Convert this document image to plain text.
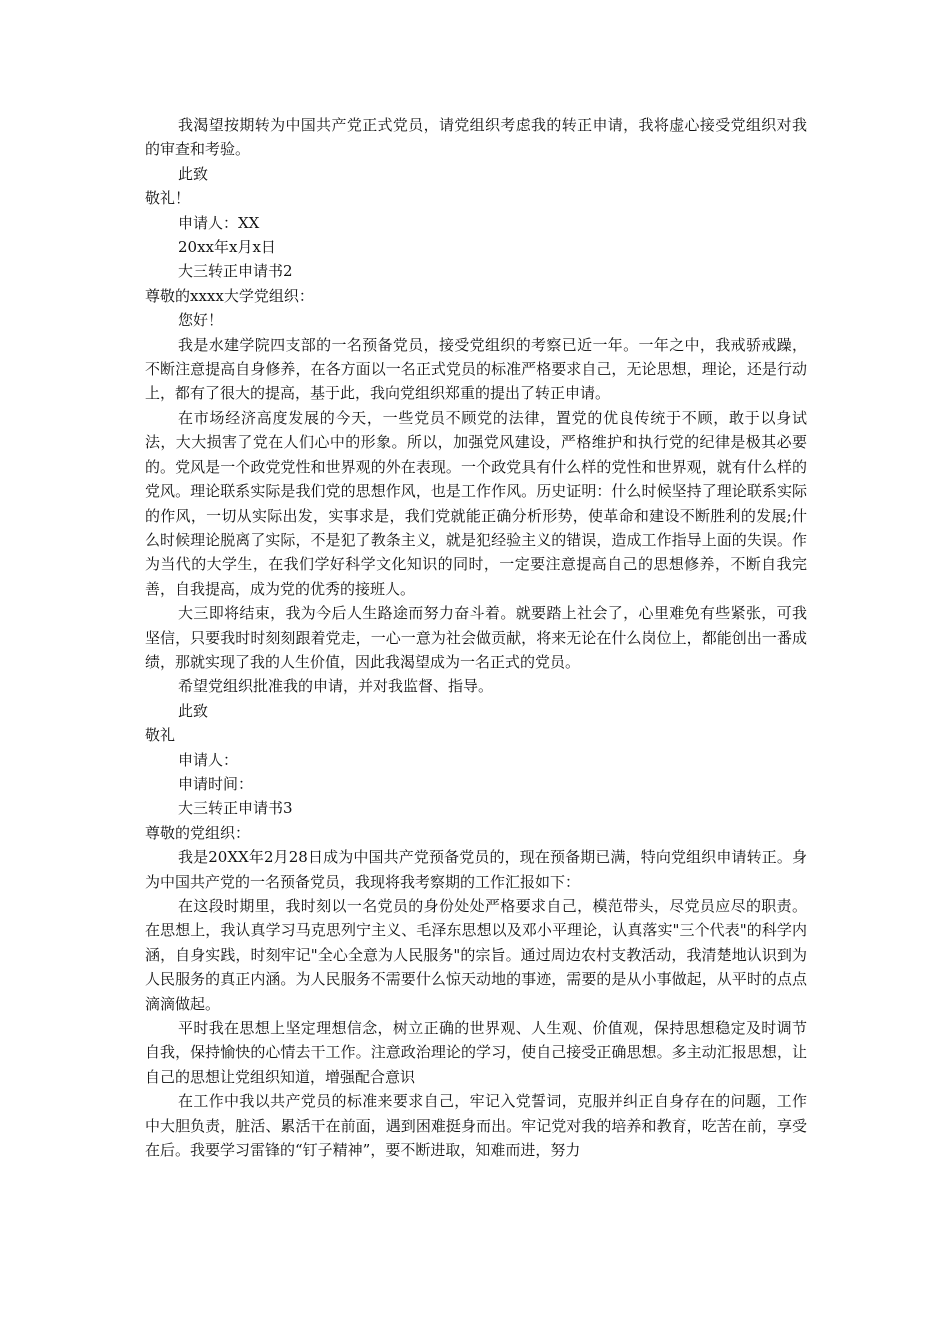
我渴望按期转为中国共产党正式党员，请党组织考虑我的转正申请，我将虚心接受党组织对我的审查和考验。

此致

敬礼！

申请人：XX

20xx年x月x日

大三转正申请书2

尊敬的xxxx大学党组织：

您好！

我是水建学院四支部的一名预备党员，接受党组织的考察已近一年。一年之中，我戒骄戒躁，不断注意提高自身修养，在各方面以一名正式党员的标准严格要求自己，无论思想，理论，还是行动上，都有了很大的提高，基于此，我向党组织郑重的提出了转正申请。

在市场经济高度发展的今天，一些党员不顾党的法律，置党的优良传统于不顾，敢于以身试法，大大损害了党在人们心中的形象。所以，加强党风建设，严格维护和执行党的纪律是极其必要的。党风是一个政党党性和世界观的外在表现。一个政党具有什么样的党性和世界观，就有什么样的党风。理论联系实际是我们党的思想作风，也是工作作风。历史证明：什么时候坚持了理论联系实际的作风，一切从实际出发，实事求是，我们党就能正确分析形势，使革命和建设不断胜利的发展;什么时候理论脱离了实际，不是犯了教条主义，就是犯经验主义的错误，造成工作指导上面的失误。作为当代的大学生，在我们学好科学文化知识的同时，一定要注意提高自己的思想修养，不断自我完善，自我提高，成为党的优秀的接班人。

大三即将结束，我为今后人生路途而努力奋斗着。就要踏上社会了，心里难免有些紧张，可我坚信，只要我时时刻刻跟着党走，一心一意为社会做贡献，将来无论在什么岗位上，都能创出一番成绩，那就实现了我的人生价值，因此我渴望成为一名正式的党员。

希望党组织批准我的申请，并对我监督、指导。

此致

敬礼

申请人：

申请时间：

大三转正申请书3

尊敬的党组织：

我是20XX年2月28日成为中国共产党预备党员的，现在预备期已满，特向党组织申请转正。身为中国共产党的一名预备党员，我现将我考察期的工作汇报如下：

在这段时期里，我时刻以一名党员的身份处处严格要求自己，模范带头，尽党员应尽的职责。在思想上，我认真学习马克思列宁主义、毛泽东思想以及邓小平理论，认真落实"三个代表"的科学内涵，自身实践，时刻牢记"全心全意为人民服务"的宗旨。通过周边农村支教活动，我清楚地认识到为人民服务的真正内涵。为人民服务不需要什么惊天动地的事迹，需要的是从小事做起，从平时的点点滴滴做起。

平时我在思想上坚定理想信念，树立正确的世界观、人生观、价值观，保持思想稳定及时调节自我，保持愉快的心情去干工作。注意政治理论的学习，使自己接受正确思想。多主动汇报思想，让自己的思想让党组织知道，增强配合意识

在工作中我以共产党员的标准来要求自己，牢记入党誓词，克服并纠正自身存在的问题，工作中大胆负责，脏活、累活干在前面，遇到困难挺身而出。牢记党对我的培养和教育，吃苦在前，享受在后。我要学习雷锋的“钉子精神”，要不断进取，知难而进，努力
